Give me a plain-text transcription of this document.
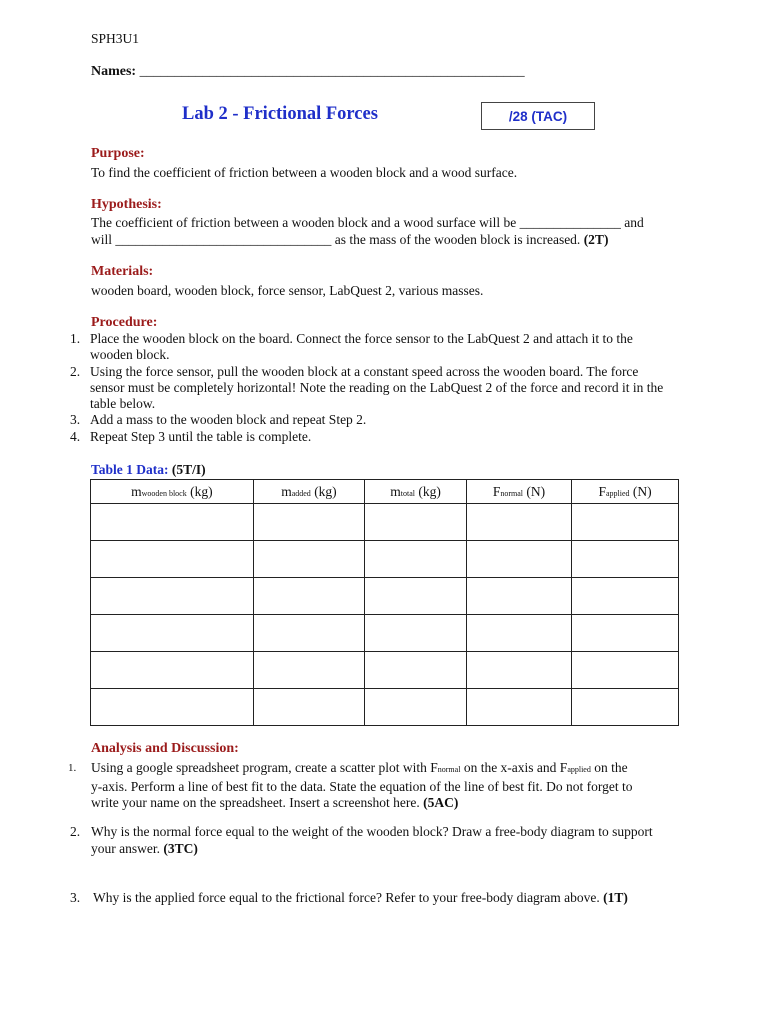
SPH3U1
Names: _______________________________________________________
Lab 2 - Frictional Forces	/28 (TAC)
Purpose:
To find the coefficient of friction between a wooden block and a wood surface.
Hypothesis:
The coefficient of friction between a wooden block and a wood surface will be _______________ and
will ________________________________ as the mass of the wooden block is increased. (2T)
Materials:
wooden board, wooden block, force sensor, LabQuest 2, various masses.
Procedure:
1. Place the wooden block on the board. Connect the force sensor to the LabQuest 2 and attach it to the
wooden block.
2. Using the force sensor, pull the wooden block at a constant speed across the wooden board. The force
sensor must be completely horizontal! Note the reading on the LabQuest 2 of the force and record it in the
table below.
3. Add a mass to the wooden block and repeat Step 2.
4. Repeat Step 3 until the table is complete.
Table 1 Data: (5T/I)
mwooden block (kg)	madded (kg)	mtotal (kg)	Fnormal (N)	Fapplied (N)

Analysis and Discussion:
1.	Using a google spreadsheet program, create a scatter plot with Fnormal on the x-axis and Fapplied on the
y-axis. Perform a line of best fit to the data. State the equation of the line of best fit. Do not forget to
write your name on the spreadsheet. Insert a screenshot here. (5AC)
2. Why is the normal force equal to the weight of the wooden block? Draw a free-body diagram to support
your answer. (3TC)
3. Why is the applied force equal to the frictional force? Refer to your free-body diagram above. (1T)
